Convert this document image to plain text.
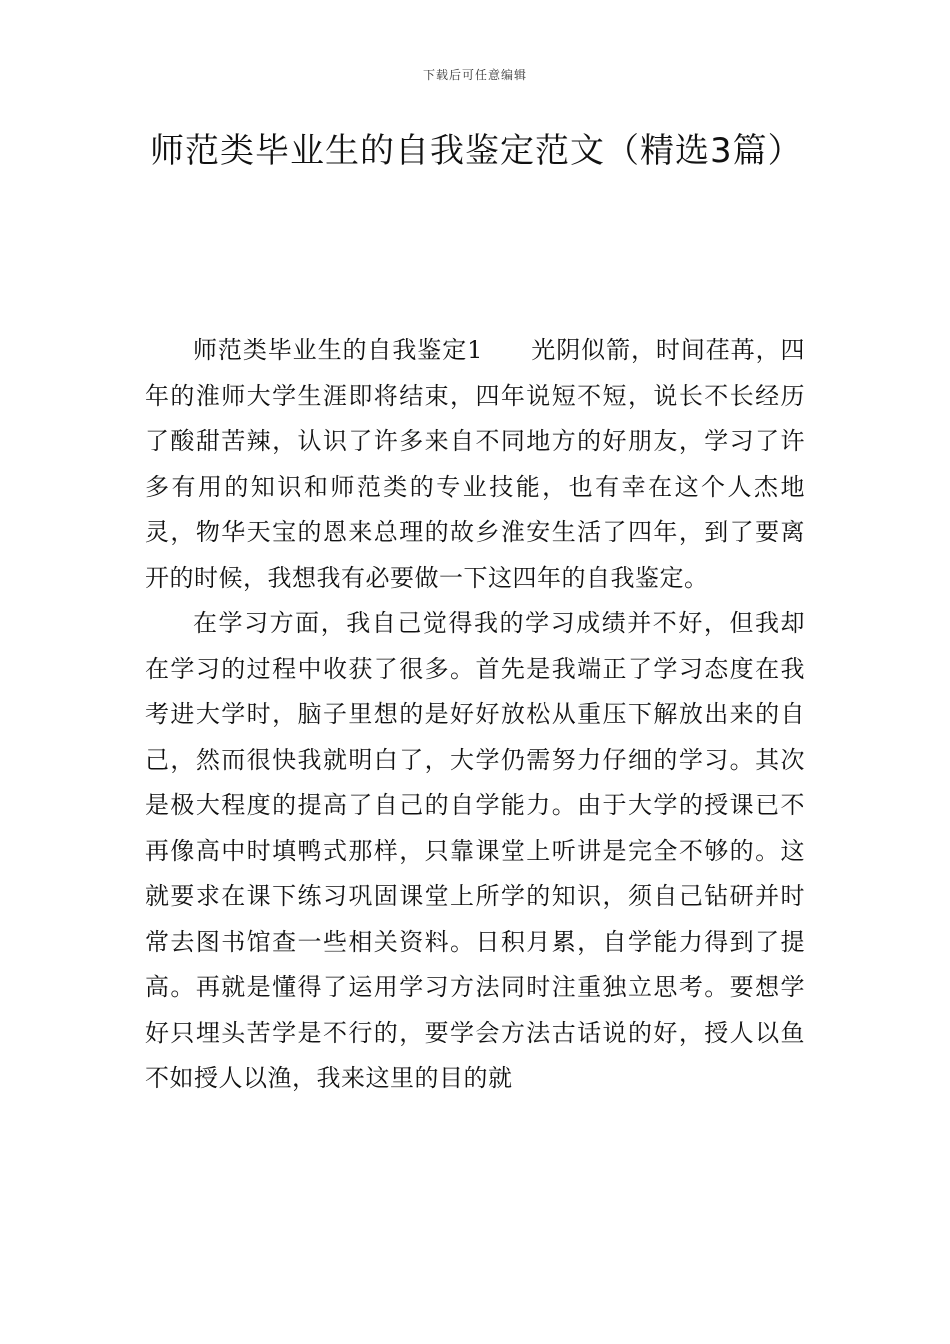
下载后可任意编辑
师范类毕业生的自我鉴定范文（精选3篇）

师范类毕业生的自我鉴定1 光阴似箭，时间荏苒，四年的淮师大学生涯即将结束，四年说短不短，说长不长经历了酸甜苦辣，认识了许多来自不同地方的好朋友，学习了许多有用的知识和师范类的专业技能，也有幸在这个人杰地灵，物华天宝的恩来总理的故乡淮安生活了四年，到了要离开的时候，我想我有必要做一下这四年的自我鉴定。

在学习方面，我自己觉得我的学习成绩并不好，但我却在学习的过程中收获了很多。首先是我端正了学习态度在我考进大学时，脑子里想的是好好放松从重压下解放出来的自己，然而很快我就明白了，大学仍需努力仔细的学习。其次是极大程度的提高了自己的自学能力。由于大学的授课已不再像高中时填鸭式那样，只靠课堂上听讲是完全不够的。这就要求在课下练习巩固课堂上所学的知识，须自己钻研并时常去图书馆查一些相关资料。日积月累，自学能力得到了提高。再就是懂得了运用学习方法同时注重独立思考。要想学好只埋头苦学是不行的，要学会方法古话说的好，授人以鱼不如授人以渔，我来这里的目的就
